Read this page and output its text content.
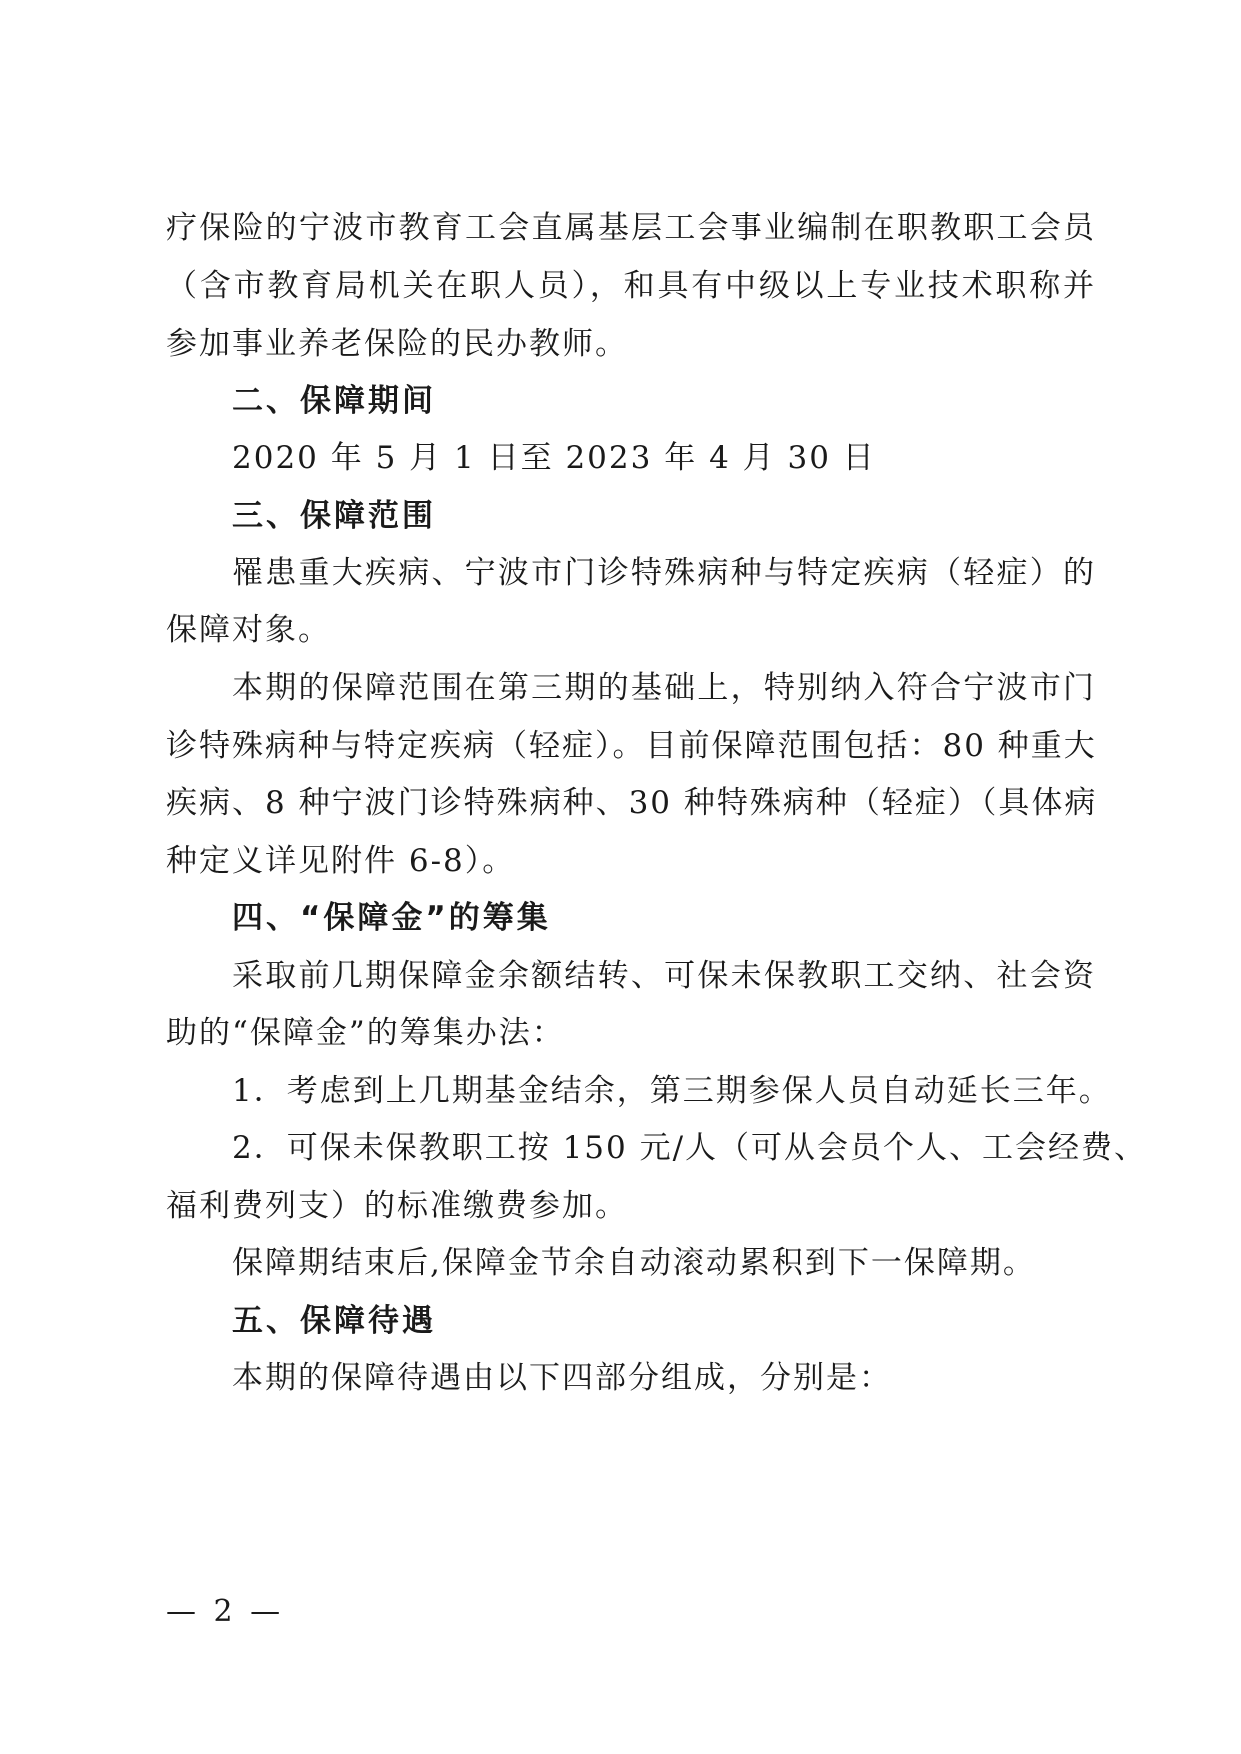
疗保险的宁波市教育工会直属基层工会事业编制在职教职工会员
（含市教育局机关在职人员），和具有中级以上专业技术职称并
参加事业养老保险的民办教师。
二、保障期间
2020 年 5 月 1 日至 2023 年 4 月 30 日
三、保障范围
罹患重大疾病、宁波市门诊特殊病种与特定疾病（轻症）的
保障对象。
本期的保障范围在第三期的基础上，特别纳入符合宁波市门
诊特殊病种与特定疾病（轻症）。目前保障范围包括：80 种重大
疾病、8 种宁波门诊特殊病种、30 种特殊病种（轻症）（具体病
种定义详见附件 6-8）。
四、“保障金”的筹集
采取前几期保障金余额结转、可保未保教职工交纳、社会资
助的“保障金”的筹集办法：
1．考虑到上几期基金结余，第三期参保人员自动延长三年。
2．可保未保教职工按 150 元/人（可从会员个人、工会经费、
福利费列支）的标准缴费参加。
保障期结束后,保障金节余自动滚动累积到下一保障期。
五、保障待遇
本期的保障待遇由以下四部分组成，分别是：
— 2 —
